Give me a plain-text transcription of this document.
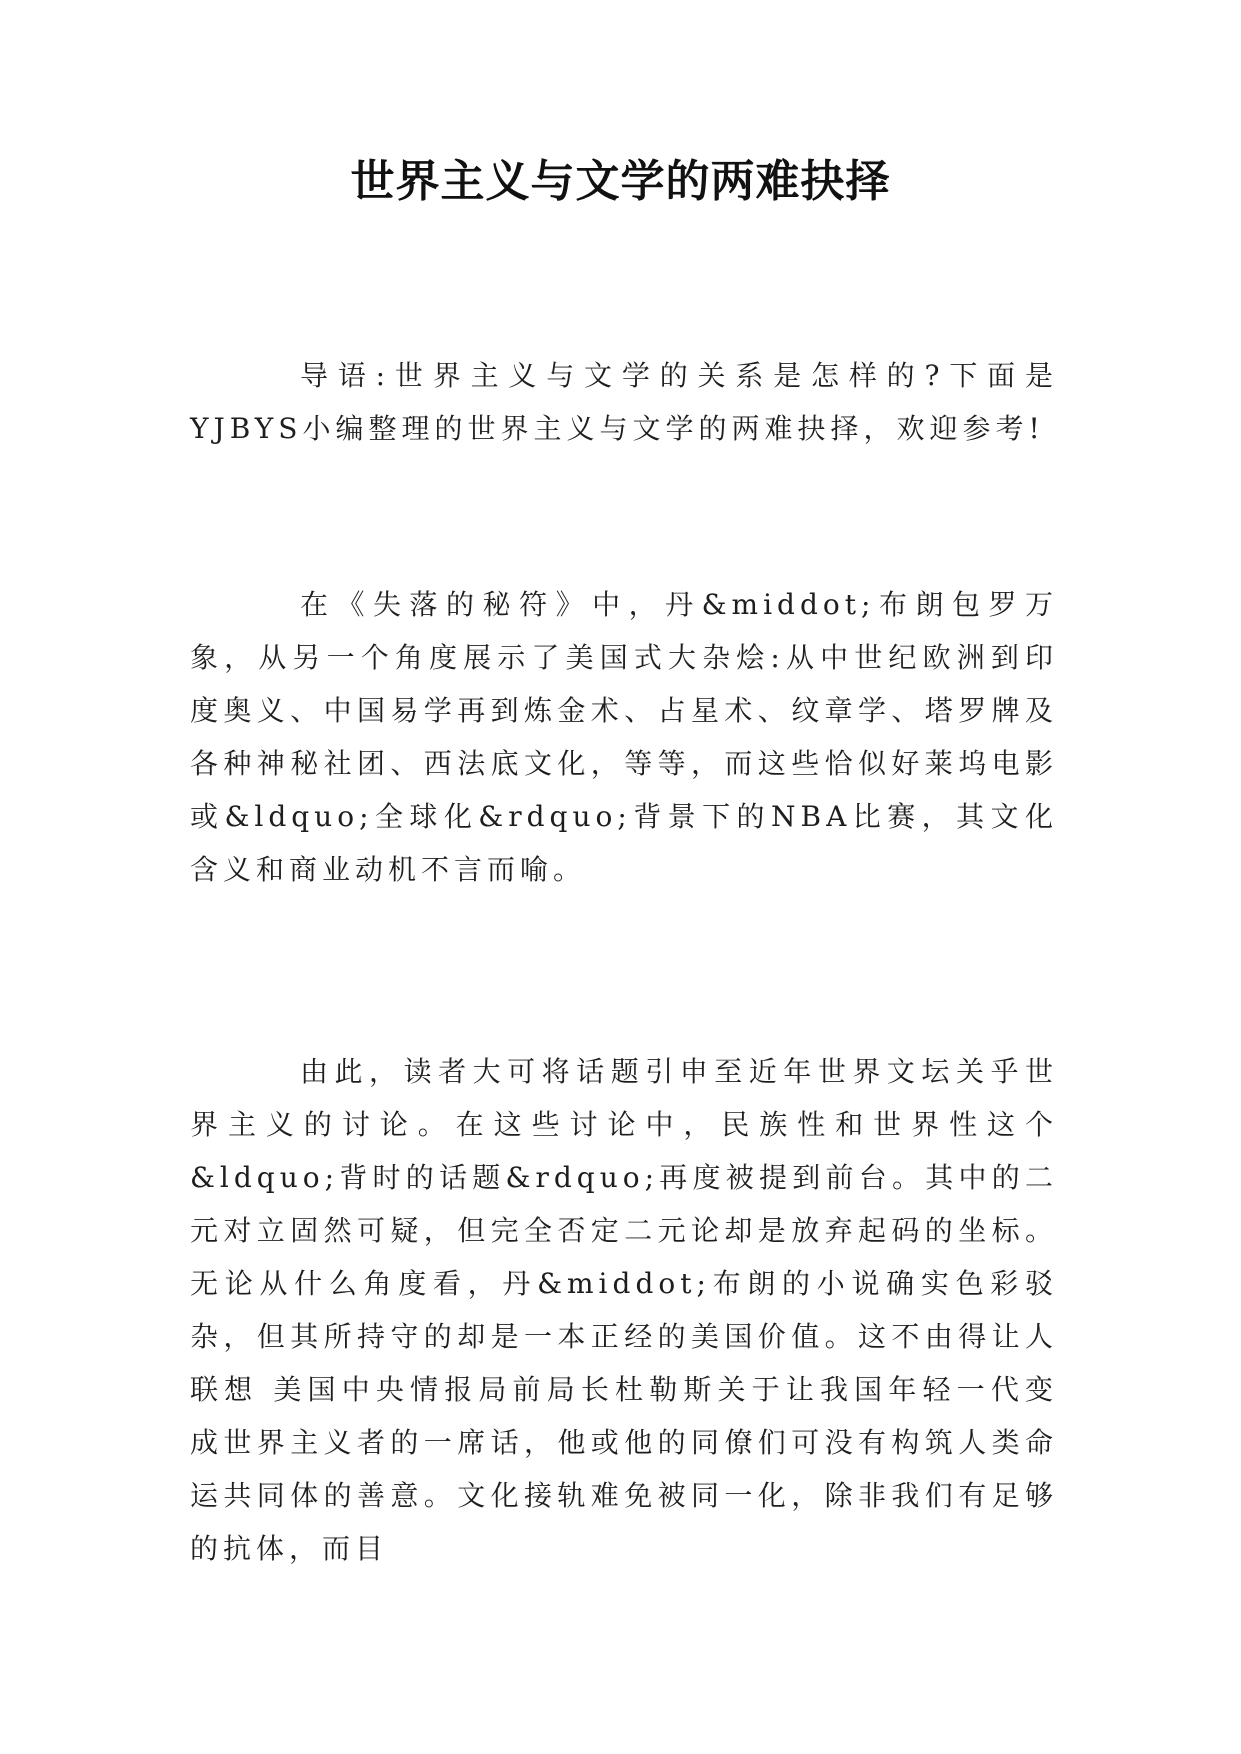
世界主义与文学的两难抉择

导语:世界主义与文学的关系是怎样的?下面是YJBYS小编整理的世界主义与文学的两难抉择，欢迎参考!

在《失落的秘符》中，丹&middot;布朗包罗万象，从另一个角度展示了美国式大杂烩:从中世纪欧洲到印度奥义、中国易学再到炼金术、占星术、纹章学、塔罗牌及各种神秘社团、西法底文化，等等，而这些恰似好莱坞电影或&ldquo;全球化&rdquo;背景下的NBA比赛，其文化含义和商业动机不言而喻。

由此，读者大可将话题引申至近年世界文坛关乎世界主义的讨论。在这些讨论中，民族性和世界性这个&ldquo;背时的话题&rdquo;再度被提到前台。其中的二元对立固然可疑，但完全否定二元论却是放弃起码的坐标。无论从什么角度看，丹&middot;布朗的小说确实色彩驳杂，但其所持守的却是一本正经的美国价值。这不由得让人联想 美国中央情报局前局长杜勒斯关于让我国年轻一代变成世界主义者的一席话，他或他的同僚们可没有构筑人类命运共同体的善意。文化接轨难免被同一化，除非我们有足够的抗体，而目
